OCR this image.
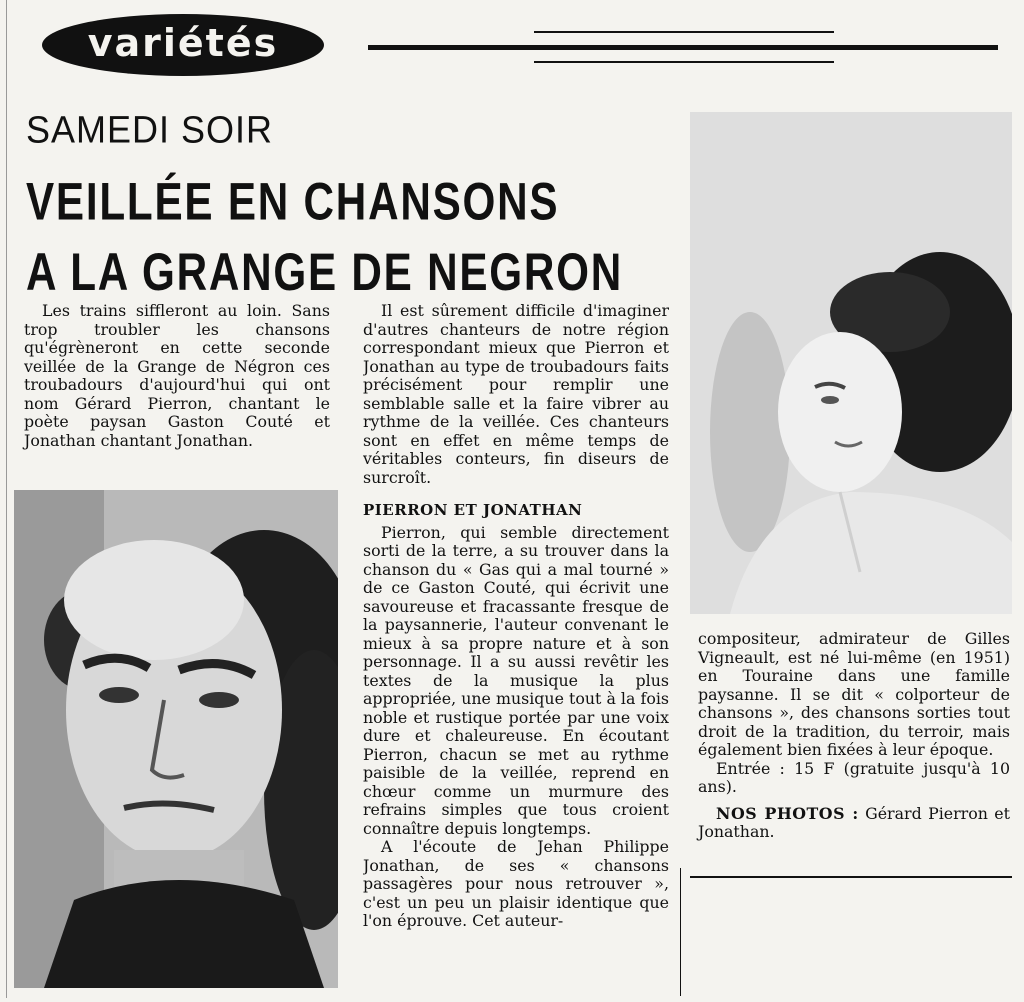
variétés
SAMEDI SOIR
VEILLÉE EN CHANSONS
A LA GRANGE DE NEGRON

Les trains siffleront au loin. Sans trop troubler les chansons qu'égrèneront en cette seconde veillée de la Grange de Négron ces troubadours d'aujourd'hui qui ont nom Gérard Pierron, chantant le poète paysan Gaston Couté et Jonathan chantant Jonathan.

Il est sûrement difficile d'imaginer d'autres chanteurs de notre région correspondant mieux que Pierron et Jonathan au type de troubadours faits précisément pour remplir une semblable salle et la faire vibrer au rythme de la veillée. Ces chanteurs sont en effet en même temps de véritables conteurs, fin diseurs de surcroît.

PIERRON ET JONATHAN

Pierron, qui semble directement sorti de la terre, a su trouver dans la chanson du « Gas qui a mal tourné » de ce Gaston Couté, qui écrivit une savoureuse et fracassante fresque de la paysannerie, l'auteur convenant le mieux à sa propre nature et à son personnage. Il a su aussi revêtir les textes de la musique la plus appropriée, une musique tout à la fois noble et rustique portée par une voix dure et chaleureuse. En écoutant Pierron, chacun se met au rythme paisible de la veillée, reprend en chœur comme un murmure des refrains simples que tous croient connaître depuis longtemps.

A l'écoute de Jehan Philippe Jonathan, de ses « chansons passagères pour nous retrouver », c'est un peu un plaisir identique que l'on éprouve. Cet auteur-

compositeur, admirateur de Gilles Vigneault, est né lui-même (en 1951) en Touraine dans une famille paysanne. Il se dit « colporteur de chansons », des chansons sorties tout droit de la tradition, du terroir, mais également bien fixées à leur époque.

Entrée : 15 F (gratuite jusqu'à 10 ans).

NOS PHOTOS : Gérard Pierron et Jonathan.
